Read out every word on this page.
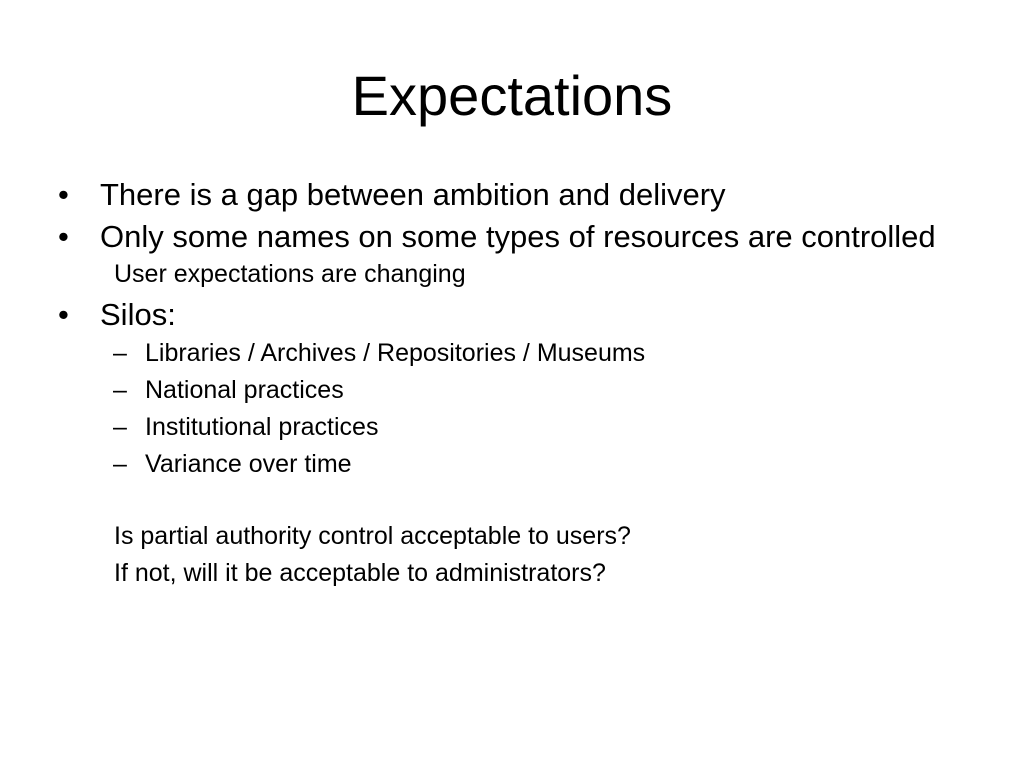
Expectations
• There is a gap between ambition and delivery
• Only some names on some types of resources are controlled
User expectations are changing
• Silos:
– Libraries / Archives / Repositories / Museums
– National practices
– Institutional practices
– Variance over time
Is partial authority control acceptable to users?
If not, will it be acceptable to administrators?
